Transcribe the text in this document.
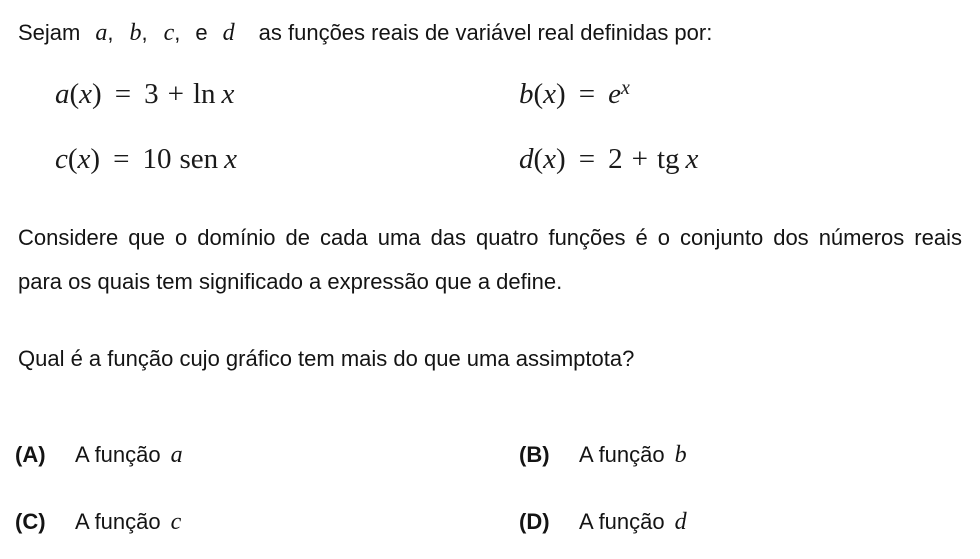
Sejam a, b, c, e d as funções reais de variável real definidas por:
a(x) = 3 + ln x	$b(x) = e^x$
c(x) = 10 sen x	d(x) = 2 + tg x
Considere que o domínio de cada uma das quatro funções é o conjunto dos números reais
para os quais tem significado a expressão que a define.
Qual é a função cujo gráfico tem mais do que uma assimptota?
(A)	A função a	(B)	A função b
(C)	A função c	(D)	A função d
